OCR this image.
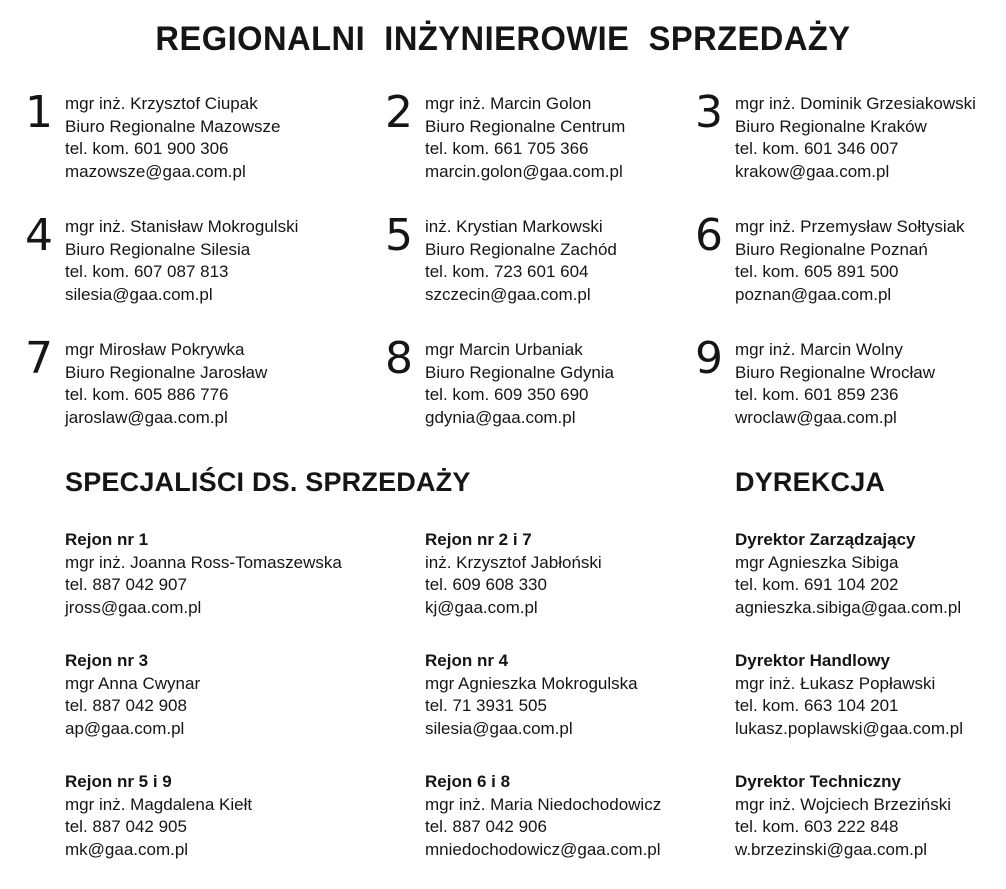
REGIONALNI INŻYNIEROWIE SPRZEDAŻY
1 mgr inż. Krzysztof Ciupak
Biuro Regionalne Mazowsze
tel. kom. 601 900 306
mazowsze@gaa.com.pl
2 mgr inż. Marcin Golon
Biuro Regionalne Centrum
tel. kom. 661 705 366
marcin.golon@gaa.com.pl
3 mgr inż. Dominik Grzesiakowski
Biuro Regionalne Kraków
tel. kom. 601 346 007
krakow@gaa.com.pl
4 mgr inż. Stanisław Mokrogulski
Biuro Regionalne Silesia
tel. kom. 607 087 813
silesia@gaa.com.pl
5 inż. Krystian Markowski
Biuro Regionalne Zachód
tel. kom. 723 601 604
szczecin@gaa.com.pl
6 mgr inż. Przemysław Sołtysiak
Biuro Regionalne Poznań
tel. kom. 605 891 500
poznan@gaa.com.pl
7 mgr Mirosław Pokrywka
Biuro Regionalne Jarosław
tel. kom. 605 886 776
jaroslaw@gaa.com.pl
8 mgr Marcin Urbaniak
Biuro Regionalne Gdynia
tel. kom. 609 350 690
gdynia@gaa.com.pl
9 mgr inż. Marcin Wolny
Biuro Regionalne Wrocław
tel. kom. 601 859 236
wroclaw@gaa.com.pl
SPECJALIŚCI DS. SPRZEDAŻY	DYREKCJA
Rejon nr 1
mgr inż. Joanna Ross-Tomaszewska
tel. 887 042 907
jross@gaa.com.pl
Rejon nr 2 i 7
inż. Krzysztof Jabłoński
tel. 609 608 330
kj@gaa.com.pl
Dyrektor Zarządzający
mgr Agnieszka Sibiga
tel. kom. 691 104 202
agnieszka.sibiga@gaa.com.pl
Rejon nr 3
mgr Anna Cwynar
tel. 887 042 908
ap@gaa.com.pl
Rejon nr 4
mgr Agnieszka Mokrogulska
tel. 71 3931 505
silesia@gaa.com.pl
Dyrektor Handlowy
mgr inż. Łukasz Popławski
tel. kom. 663 104 201
lukasz.poplawski@gaa.com.pl
Rejon nr 5 i 9
mgr inż. Magdalena Kiełt
tel. 887 042 905
mk@gaa.com.pl
Rejon 6 i 8
mgr inż. Maria Niedochodowicz
tel. 887 042 906
mniedochodowicz@gaa.com.pl
Dyrektor Techniczny
mgr inż. Wojciech Brzeziński
tel. kom. 603 222 848
w.brzezinski@gaa.com.pl
